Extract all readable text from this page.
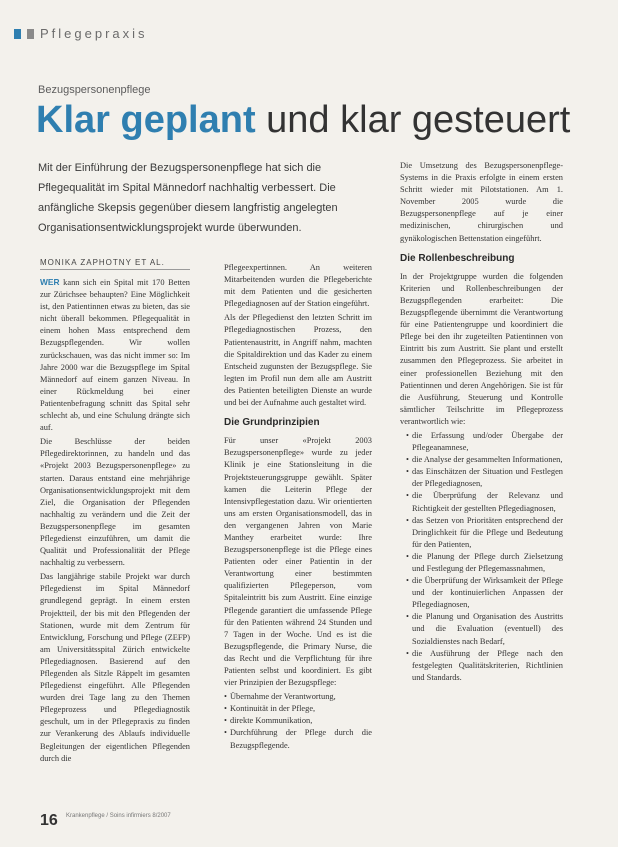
Pflegepraxis
Bezugspersonenpflege
Klar geplant und klar gesteuert
Mit der Einführung der Bezugspersonenpflege hat sich die Pflegequalität im Spital Männedorf nachhaltig verbessert. Die anfängliche Skepsis gegenüber diesem langfristig angelegten Organisationsentwicklungsprojekt wurde überwunden.
MONIKA ZAPHOTNY ET AL.

WER kann sich ein Spital mit 170 Betten zur Zürichsee behaupten? Eine Möglichkeit ist, den Patientinnen etwas zu bieten, das sie nicht überall bekommen. Pflegequalität in einem hohen Mass entsprechend dem Bezugspflegenden. Wir wollen zurückschauen, was das nicht immer so: Im Jahre 2000 war die Bezugspflege im Spital Männedorf auf einem ganzen Niveau. In einer Rückmeldung bei einer Patientenbefragung schnitt das Spital sehr schlecht ab, und eine Schulung drängte sich auf.

Die Beschlüsse der beiden Pflegedirektorinnen, zu handeln und das «Projekt 2003 Bezugspersonenpflege» zu starten. Daraus entstand eine mehrjährige Organisationsentwicklungsprojekt mit dem Ziel, die Organisation der Pflegenden nachhaltig zu verändern und die Zeit der Bezugspersonenpflege im gesamten Pflegedienst einzuführen, um damit die Qualität und Professionalität der Pflege nachhaltig zu verbessern.

Das langjährige stabile Projekt war durch Pflegedienst im Spital Männedorf grundlegend geprägt. In einem ersten Projektteil, der bis mit den Pflegenden der Stationen, wurde mit dem Zentrum für Entwicklung, Forschung und Pflege (ZEFP) am Universitätsspital Zürich entwickelte Pflegediagnosen. Basierend auf den Pflegenden als Sitzle Räppelt im gesamten Pflegedienst eingeführt. Alle Pflegenden wurden drei Tage lang zu den Themen Pflegeprozess und Pflegediagnostik geschult, um in der Pflegepraxis zu finden zur Verankerung des Ablaufs individuelle Begleitungen der eigentlichen Pflegenden durch die

Pflegeexpertinnen. An weiteren Mitarbeitenden wurden die Pflegeberichte mit dem Patienten und die gesicherten Pflegediagnosen auf der Station eingeführt.

Als der Pflegedienst den letzten Schritt im Pflegediagnostischen Prozess, den Patientenaustritt, in Angriff nahm, machten die Spitaldirektion und das Kader zu einem Entscheid zugunsten der Bezugspflege. Sie legten im Profil nun dem alle am Austritt des Patienten beteiligten Dienste an wurde und bei der Aufnahme auch gestaltet wird.

Die Grundprinzipien

Für unser «Projekt 2003 Bezugspersonenpflege» wurde zu jeder Klinik je eine Stationsleitung in die Projektsteuerungsgruppe gewählt. Später kamen die Leiterin Pflege der Intensivpflegestation dazu. Wir orientierten uns am ersten Organisationsmodell, das in den vergangenen Jahren von Marie Manthey erarbeitet wurde: Ihre Bezugspersonenpflege ist die Pflege eines Patienten oder einer Patientin in der Verantwortung einer bestimmten qualifizierten Pflegeperson, vom Spitaleintritt bis zum Austritt. Eine einzige Pflegende garantiert die umfassende Pflege für den Patienten während 24 Stunden und 7 Tagen in der Woche. Und es ist die Bezugspflegende, die Primary Nurse, die das Recht und die Verpflichtung für ihre Patienten selbst und koordiniert. Es gibt vier Prinzipien der Bezugspflege:

• Übernahme der Verantwortung,
• Kontinuität in der Pflege,
• direkte Kommunikation,
• Durchführung der Pflege durch die Bezugspflegende.

Die Umsetzung des Bezugspersonenpflege-Systems in die Praxis erfolgte in einem ersten Schritt wieder mit Pilotstationen. Am 1. November 2005 wurde die Bezugspersonenpflege auf je einer medizinischen, chirurgischen und gynäkologischen Bettenstation eingeführt.

Die Rollenbeschreibung

In der Projektgruppe wurden die folgenden Kriterien und Rollenbeschreibungen der Bezugspflegenden erarbeitet: Die Bezugspflegende übernimmt die Verantwortung für eine Patientengruppe und koordiniert die Pflege bei den ihr zugeteilten Patientinnen von Eintritt bis zum Austritt. Sie plant und erstellt zusammen den Pflegeprozess. Sie arbeitet in einer professionellen Beziehung mit den Patientinnen und deren Angehörigen. Sie ist für die Ausführung, Steuerung und Kontrolle sämtlicher Teilschritte im Pflegeprozess verantwortlich wie:

• die Erfassung und/oder Übergabe der Pflegeanamnese,
• die Analyse der gesammelten Informationen,
• das Einschätzen der Situation und Festlegen der Pflegediagnosen,
• die Überprüfung der Relevanz und Richtigkeit der gestellten Pflegediagnosen,
• das Setzen von Prioritäten entsprechend der Dringlichkeit für die Pflege und Bedeutung für den Patienten,
• die Planung der Pflege durch Zielsetzung und Festlegung der Pflegemassnahmen,
• die Überprüfung der Wirksamkeit der Pflege und der kontinuierlichen Anpassen der Pflegediagnosen,
• die Planung und Organisation des Austritts und die Evaluation (eventuell) des Sozialdienstes nach Bedarf,
• die Ausführung der Pflege nach den festgelegten Qualitätskriterien, Richtlinien und Standards.
16 Krankenpflege / Soins infirmiers 8/2007
